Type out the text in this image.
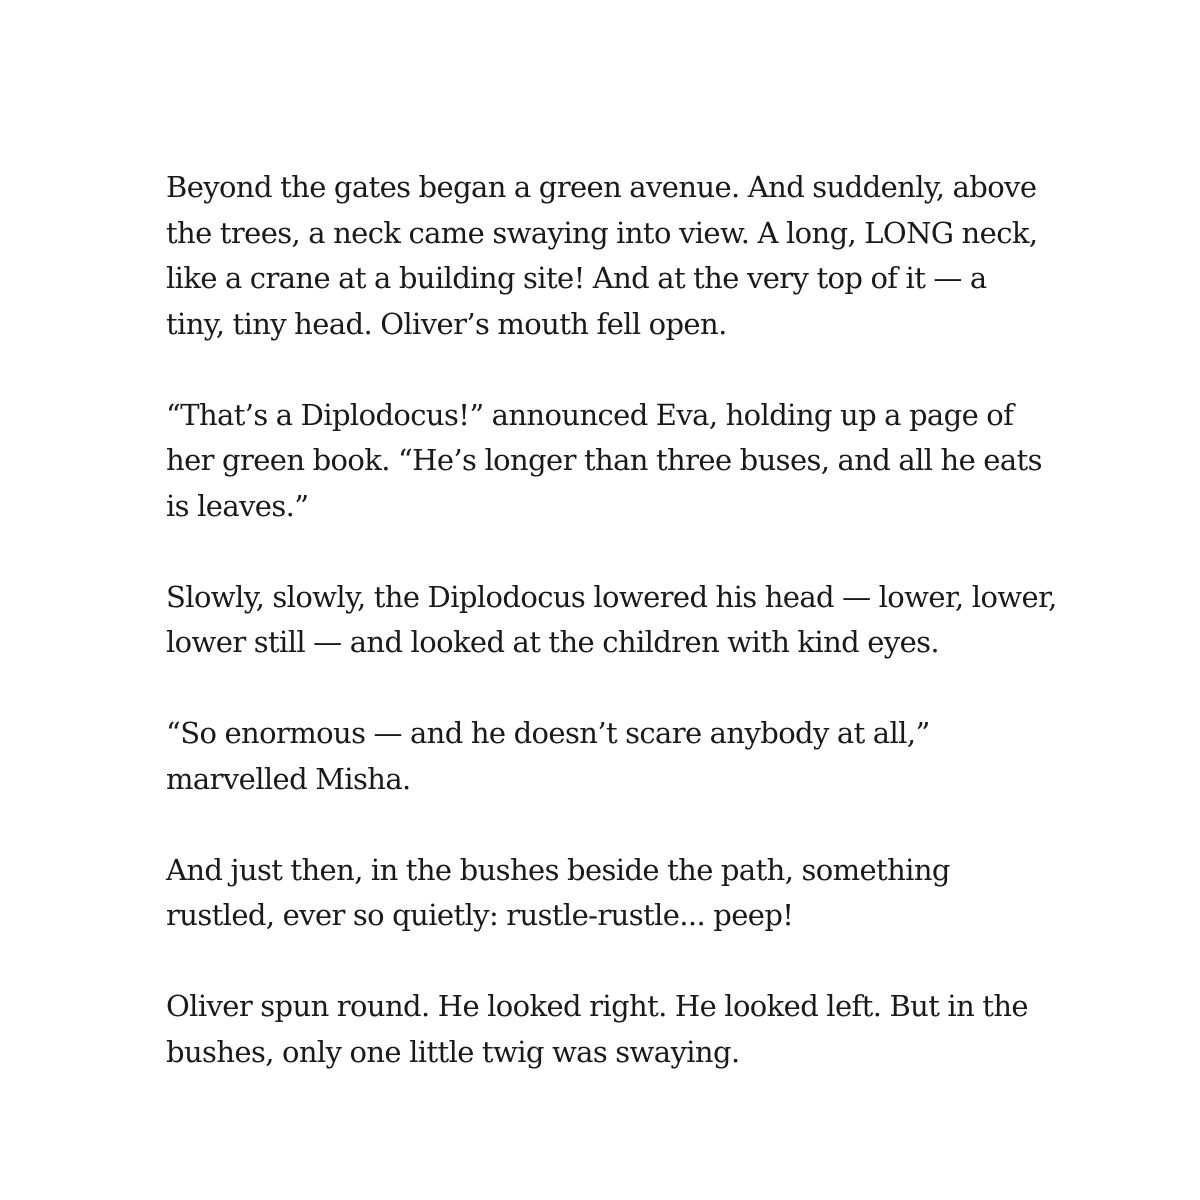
Beyond the gates began a green avenue. And suddenly, above
the trees, a neck came swaying into view. A long, LONG neck,
like a crane at a building site! And at the very top of it — a
tiny, tiny head. Oliver’s mouth fell open.

“That’s a Diplodocus!” announced Eva, holding up a page of
her green book. “He’s longer than three buses, and all he eats
is leaves.”

Slowly, slowly, the Diplodocus lowered his head — lower, lower,
lower still — and looked at the children with kind eyes.

“So enormous — and he doesn’t scare anybody at all,”
marvelled Misha.

And just then, in the bushes beside the path, something
rustled, ever so quietly: rustle-rustle... peep!

Oliver spun round. He looked right. He looked left. But in the
bushes, only one little twig was swaying.
